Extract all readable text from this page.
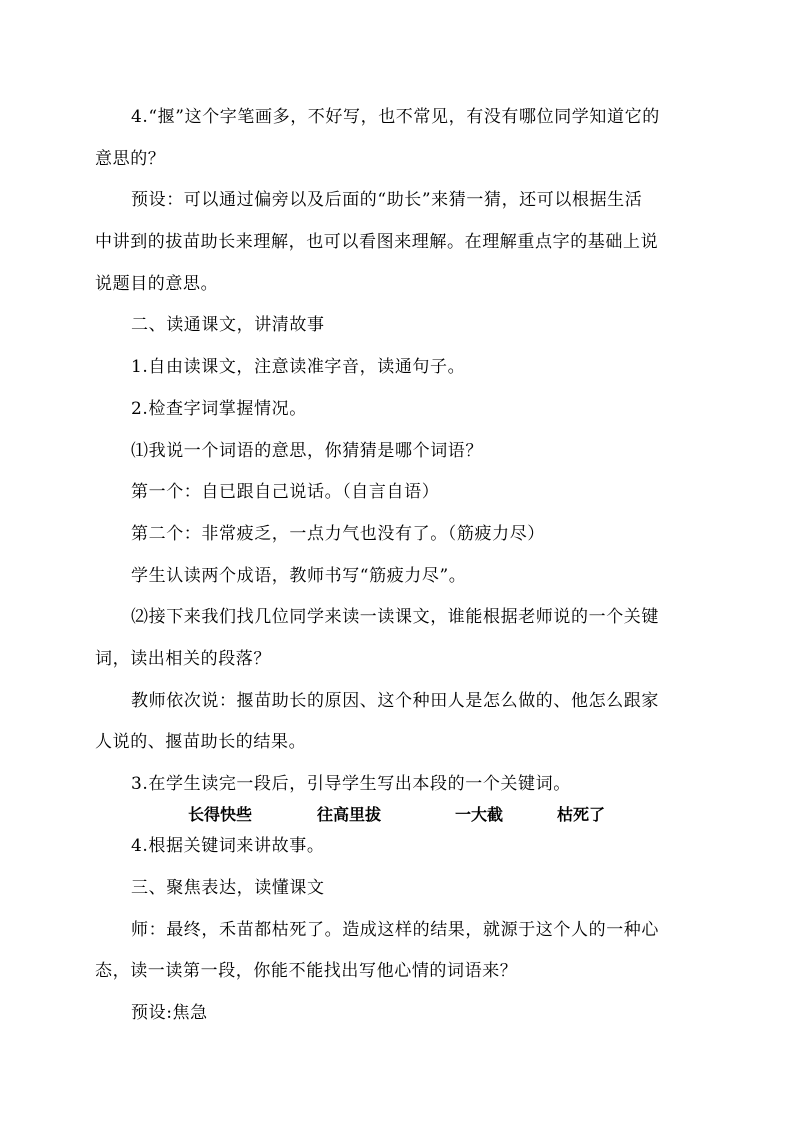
4.“揠”这个字笔画多，不好写，也不常见，有没有哪位同学知道它的
意思的？
预设：可以通过偏旁以及后面的“助长”来猜一猜，还可以根据生活
中讲到的拔苗助长来理解，也可以看图来理解。在理解重点字的基础上说
说题目的意思。
二、读通课文，讲清故事
1.自由读课文，注意读准字音，读通句子。
2.检查字词掌握情况。
⑴我说一个词语的意思，你猜猜是哪个词语？
第一个：自已跟自己说话。（自言自语）
第二个：非常疲乏，一点力气也没有了。（筋疲力尽）
学生认读两个成语，教师书写“筋疲力尽”。
⑵接下来我们找几位同学来读一读课文，谁能根据老师说的一个关键
词，读出相关的段落？
教师依次说：揠苗助长的原因、这个种田人是怎么做的、他怎么跟家
人说的、揠苗助长的结果。
3.在学生读完一段后，引导学生写出本段的一个关键词。
长得快些	往高里拔	一大截	枯死了
4.根据关键词来讲故事。
三、聚焦表达，读懂课文
师：最终，禾苗都枯死了。造成这样的结果，就源于这个人的一种心
态，读一读第一段，你能不能找出写他心情的词语来？
预设:焦急
